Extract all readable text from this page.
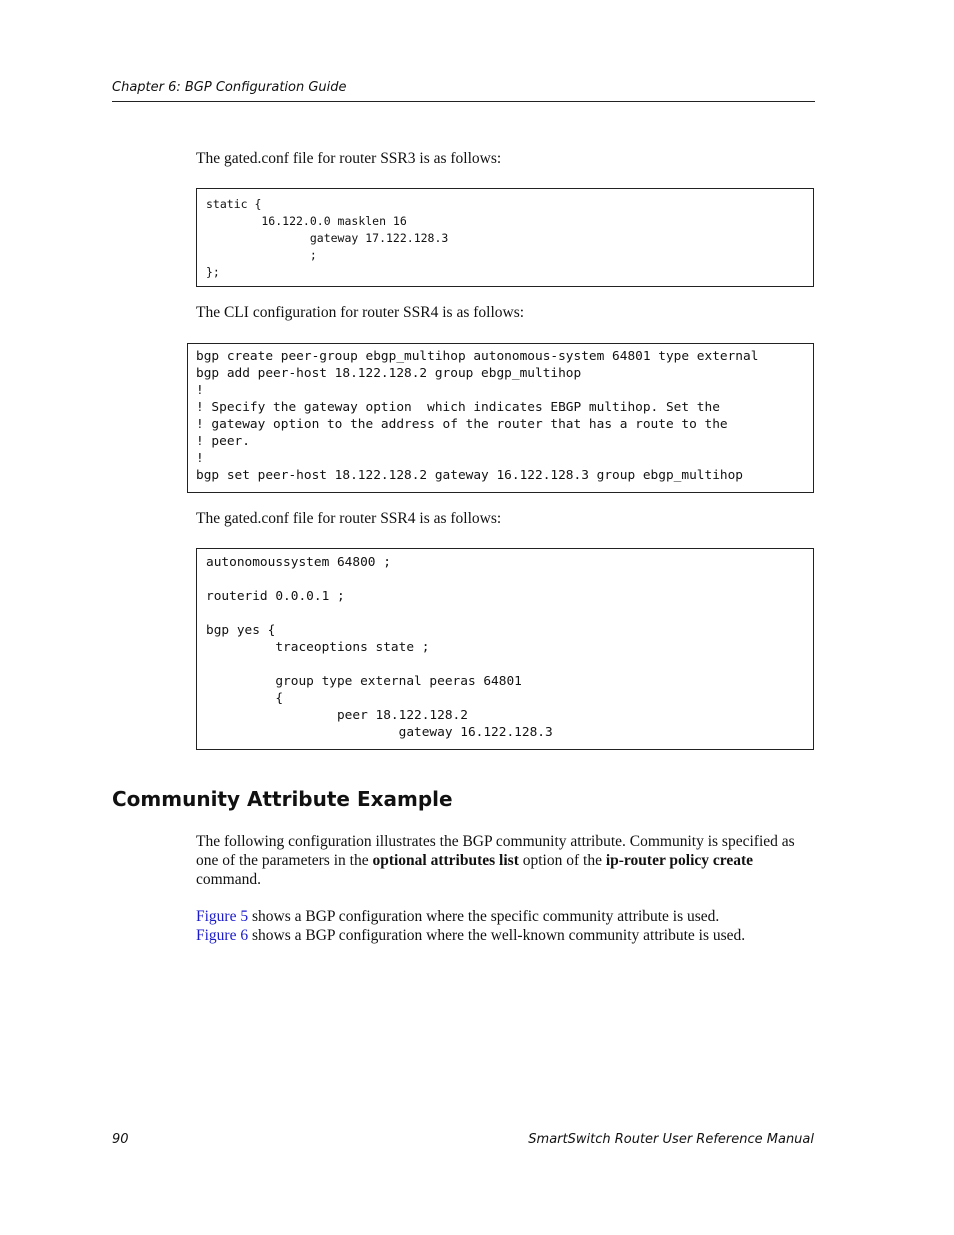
Chapter 6: BGP Configuration Guide

The gated.conf file for router SSR3 is as follows:

static {
16.122.0.0 masklen 16
gateway 17.122.128.3
;
};

The CLI configuration for router SSR4 is as follows:

bgp create peer-group ebgp_multihop autonomous-system 64801 type external
bgp add peer-host 18.122.128.2 group ebgp_multihop
!
! Specify the gateway option  which indicates EBGP multihop. Set the
! gateway option to the address of the router that has a route to the
! peer.
!
bgp set peer-host 18.122.128.2 gateway 16.122.128.3 group ebgp_multihop

The gated.conf file for router SSR4 is as follows:

autonomoussystem 64800 ;

routerid 0.0.0.1 ;

bgp yes {
traceoptions state ;

group type external peeras 64801
{
peer 18.122.128.2
gateway 16.122.128.3
Community Attribute Example

The following configuration illustrates the BGP community attribute. Community is specified as one of the parameters in the optional attributes list option of the ip-router policy create command.

Figure 5 shows a BGP configuration where the specific community attribute is used.
Figure 6 shows a BGP configuration where the well-known community attribute is used.

90	SmartSwitch Router User Reference Manual
